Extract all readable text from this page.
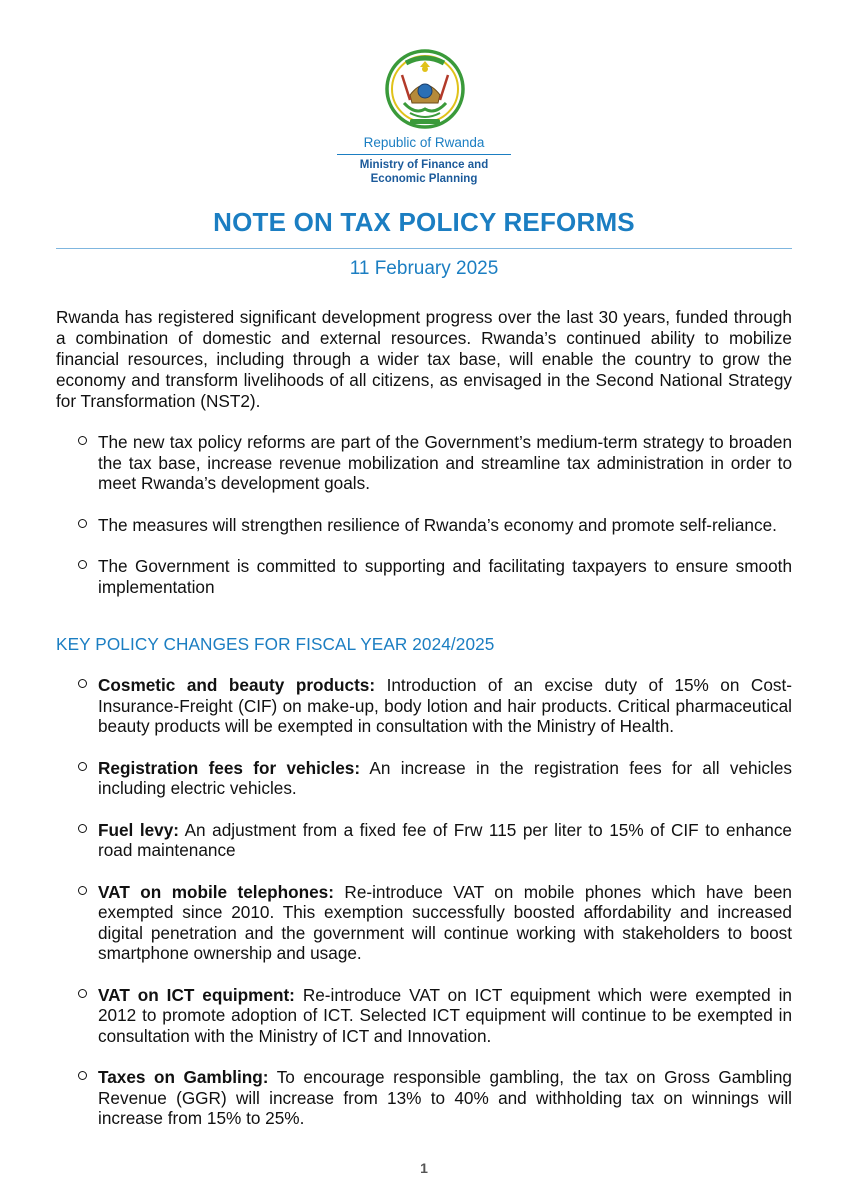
Republic of Rwanda
Ministry of Finance and
Economic Planning
NOTE ON TAX POLICY REFORMS
11 February 2025

Rwanda has registered significant development progress over the last 30 years, funded through a combination of domestic and external resources. Rwanda’s continued ability to mobilize financial resources, including through a wider tax base, will enable the country to grow the economy and transform livelihoods of all citizens, as envisaged in the Second National Strategy for Transformation (NST2).

The new tax policy reforms are part of the Government’s medium-term strategy to broaden the tax base, increase revenue mobilization and streamline tax administration in order to meet Rwanda’s development goals.
The measures will strengthen resilience of Rwanda’s economy and promote self-reliance.
The Government is committed to supporting and facilitating taxpayers to ensure smooth implementation
KEY POLICY CHANGES FOR FISCAL YEAR 2024/2025
Cosmetic and beauty products: Introduction of an excise duty of 15% on Cost-Insurance-Freight (CIF) on make-up, body lotion and hair products. Critical pharmaceutical beauty products will be exempted in consultation with the Ministry of Health.
Registration fees for vehicles: An increase in the registration fees for all vehicles including electric vehicles.
Fuel levy: An adjustment from a fixed fee of Frw 115 per liter to 15% of CIF to enhance road maintenance
VAT on mobile telephones: Re-introduce VAT on mobile phones which have been exempted since 2010. This exemption successfully boosted affordability and increased digital penetration and the government will continue working with stakeholders to boost smartphone ownership and usage.
VAT on ICT equipment: Re-introduce VAT on ICT equipment which were exempted in 2012 to promote adoption of ICT. Selected ICT equipment will continue to be exempted in consultation with the Ministry of ICT and Innovation.
Taxes on Gambling: To encourage responsible gambling, the tax on Gross Gambling Revenue (GGR) will increase from 13% to 40% and withholding tax on winnings will increase from 15% to 25%.
1
